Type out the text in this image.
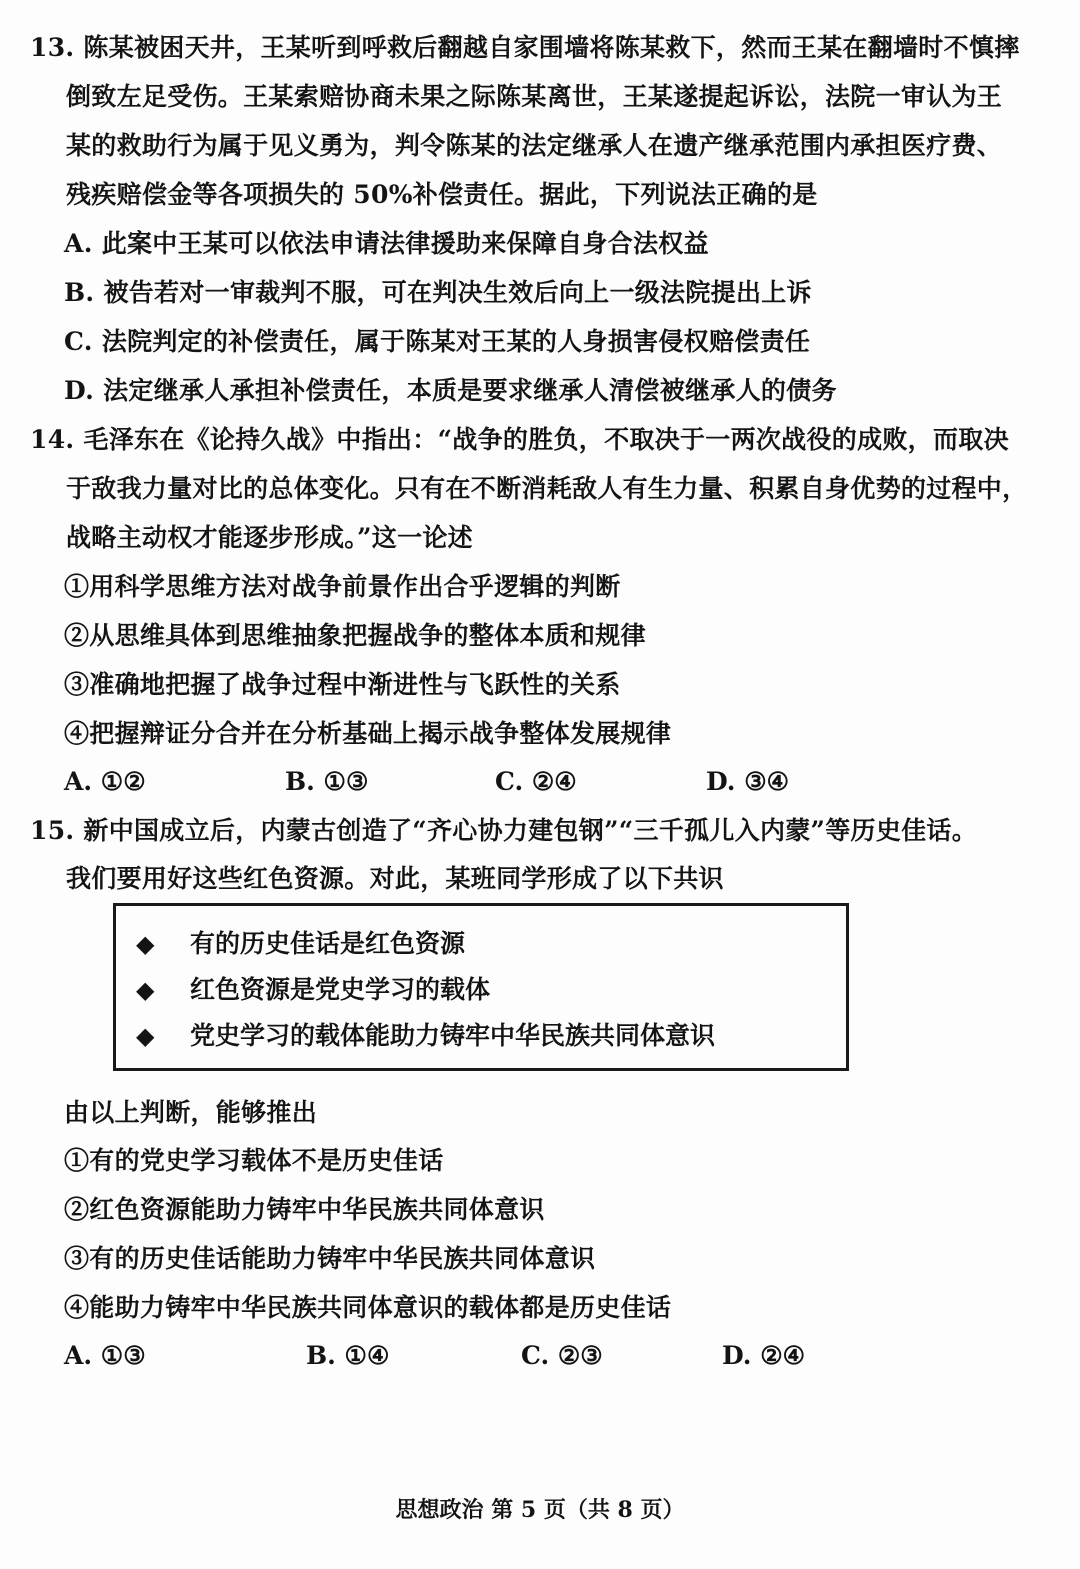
13. 陈某被困天井，王某听到呼救后翻越自家围墙将陈某救下，然而王某在翻墙时不慎摔
倒致左足受伤。王某索赔协商未果之际陈某离世，王某遂提起诉讼，法院一审认为王
某的救助行为属于见义勇为，判令陈某的法定继承人在遗产继承范围内承担医疗费、
残疾赔偿金等各项损失的 50%补偿责任。据此，下列说法正确的是
A. 此案中王某可以依法申请法律援助来保障自身合法权益
B. 被告若对一审裁判不服，可在判决生效后向上一级法院提出上诉
C. 法院判定的补偿责任，属于陈某对王某的人身损害侵权赔偿责任
D. 法定继承人承担补偿责任，本质是要求继承人清偿被继承人的债务
14. 毛泽东在《论持久战》中指出：“战争的胜负，不取决于一两次战役的成败，而取决
于敌我力量对比的总体变化。只有在不断消耗敌人有生力量、积累自身优势的过程中，
战略主动权才能逐步形成。”这一论述
①用科学思维方法对战争前景作出合乎逻辑的判断
②从思维具体到思维抽象把握战争的整体本质和规律
③准确地把握了战争过程中渐进性与飞跃性的关系
④把握辩证分合并在分析基础上揭示战争整体发展规律
A. ①②	B. ①③	C. ②④	D. ③④
15. 新中国成立后，内蒙古创造了“齐心协力建包钢”“三千孤儿入内蒙”等历史佳话。
我们要用好这些红色资源。对此，某班同学形成了以下共识
◆ 有的历史佳话是红色资源
◆ 红色资源是党史学习的载体
◆ 党史学习的载体能助力铸牢中华民族共同体意识
由以上判断，能够推出
①有的党史学习载体不是历史佳话
②红色资源能助力铸牢中华民族共同体意识
③有的历史佳话能助力铸牢中华民族共同体意识
④能助力铸牢中华民族共同体意识的载体都是历史佳话
A. ①③	B. ①④	C. ②③	D. ②④
思想政治 第 5 页（共 8 页）
